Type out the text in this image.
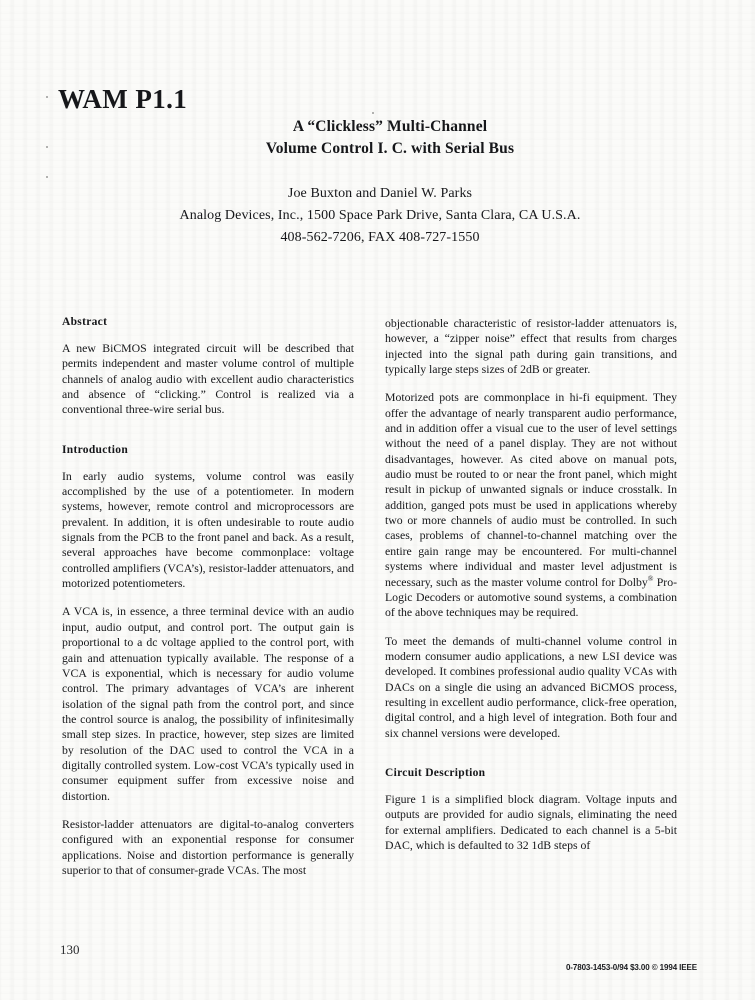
WAM P1.1
A “Clickless” Multi-Channel
Volume Control I. C. with Serial Bus
Joe Buxton and Daniel W. Parks
Analog Devices, Inc., 1500 Space Park Drive, Santa Clara, CA U.S.A.
408-562-7206, FAX 408-727-1550
Abstract

A new BiCMOS integrated circuit will be described that permits independent and master volume control of multiple channels of analog audio with excellent audio characteristics and absence of “clicking.” Control is realized via a conventional three-wire serial bus.

Introduction

In early audio systems, volume control was easily accomplished by the use of a potentiometer. In modern systems, however, remote control and microprocessors are prevalent. In addition, it is often undesirable to route audio signals from the PCB to the front panel and back. As a result, several approaches have become commonplace: voltage controlled amplifiers (VCA’s), resistor-ladder attenuators, and motorized potentiometers.

A VCA is, in essence, a three terminal device with an audio input, audio output, and control port. The output gain is proportional to a dc voltage applied to the control port, with gain and attenuation typically available. The response of a VCA is exponential, which is necessary for audio volume control. The primary advantages of VCA’s are inherent isolation of the signal path from the control port, and since the control source is analog, the possibility of infinitesimally small step sizes. In practice, however, step sizes are limited by resolution of the DAC used to control the VCA in a digitally controlled system. Low-cost VCA’s typically used in consumer equipment suffer from excessive noise and distortion.

Resistor-ladder attenuators are digital-to-analog converters configured with an exponential response for consumer applications. Noise and distortion performance is generally superior to that of consumer-grade VCAs. The most

objectionable characteristic of resistor-ladder attenuators is, however, a “zipper noise” effect that results from charges injected into the signal path during gain transitions, and typically large steps sizes of 2dB or greater.

Motorized pots are commonplace in hi-fi equipment. They offer the advantage of nearly transparent audio performance, and in addition offer a visual cue to the user of level settings without the need of a panel display. They are not without disadvantages, however. As cited above on manual pots, audio must be routed to or near the front panel, which might result in pickup of unwanted signals or induce crosstalk. In addition, ganged pots must be used in applications whereby two or more channels of audio must be controlled. In such cases, problems of channel-to-channel matching over the entire gain range may be encountered. For multi-channel systems where individual and master level adjustment is necessary, such as the master volume control for Dolby® Pro-Logic Decoders or automotive sound systems, a combination of the above techniques may be required.

To meet the demands of multi-channel volume control in modern consumer audio applications, a new LSI device was developed. It combines professional audio quality VCAs with DACs on a single die using an advanced BiCMOS process, resulting in excellent audio performance, click-free operation, digital control, and a high level of integration. Both four and six channel versions were developed.

Circuit Description

Figure 1 is a simplified block diagram. Voltage inputs and outputs are provided for audio signals, eliminating the need for external amplifiers. Dedicated to each channel is a 5-bit DAC, which is defaulted to 32 1dB steps of

130
0-7803-1453-0/94 $3.00 © 1994 IEEE
